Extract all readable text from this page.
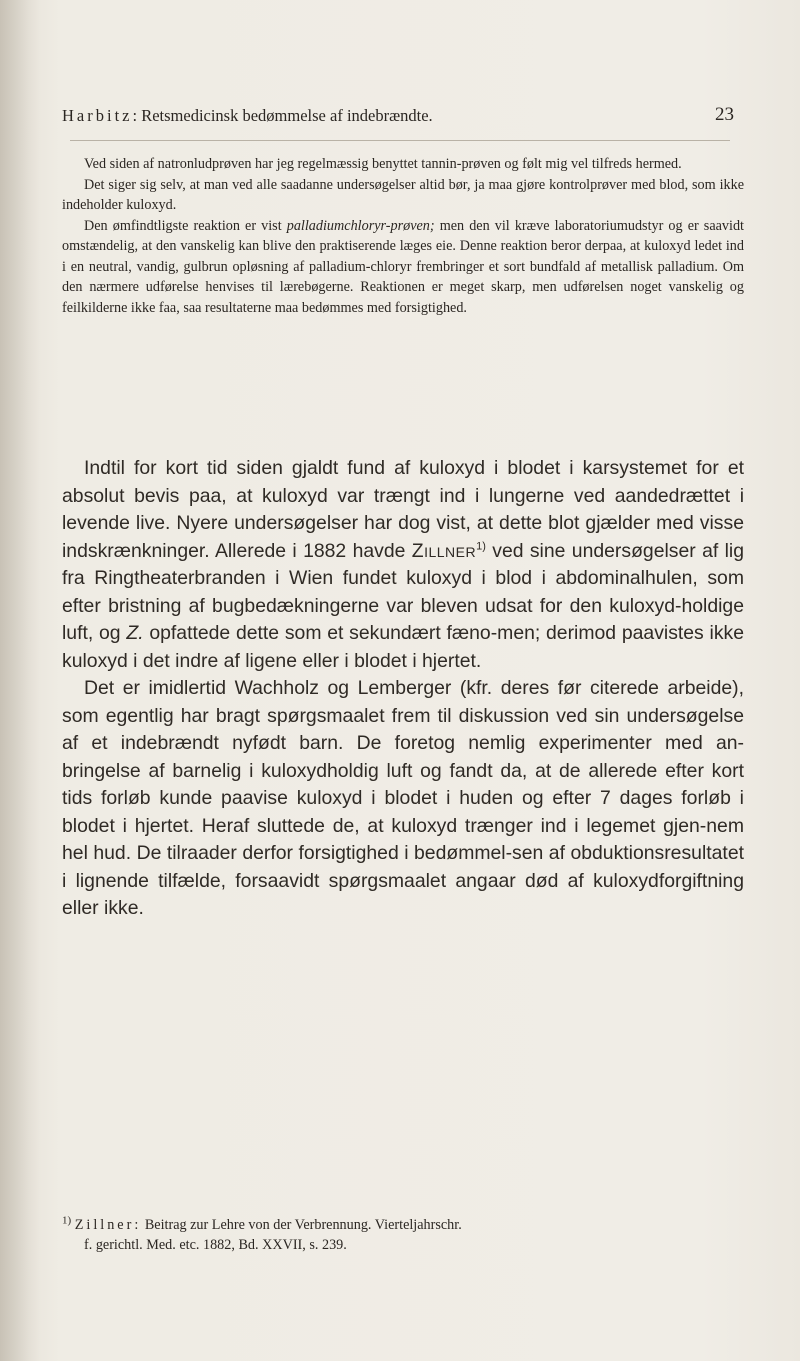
Harbitz: Retsmedicinsk bedømmelse af indebrændte.	23

Ved siden af natronludprøven har jeg regelmæssig benyttet tannin-prøven og følt mig vel tilfreds hermed.

Det siger sig selv, at man ved alle saadanne undersøgelser altid bør, ja maa gjøre kontrolprøver med blod, som ikke indeholder kuloxyd.

Den ømfindtligste reaktion er vist palladiumchloryr-prøven; men den vil kræve laboratoriumudstyr og er saavidt omstændelig, at den vanskelig kan blive den praktiserende læges eie. Denne reaktion beror derpaa, at kuloxyd ledet ind i en neutral, vandig, gulbrun opløsning af palladium-chloryr frembringer et sort bundfald af metallisk palladium. Om den nærmere udførelse henvises til lærebøgerne. Reaktionen er meget skarp, men udførelsen noget vanskelig og feilkilderne ikke faa, saa resultaterne maa bedømmes med forsigtighed.

Indtil for kort tid siden gjaldt fund af kuloxyd i blodet i karsystemet for et absolut bevis paa, at kuloxyd var trængt ind i lungerne ved aandedrættet i levende live. Nyere undersøgelser har dog vist, at dette blot gjælder med visse indskrænkninger. Allerede i 1882 havde Zillner$^{1)}$ ved sine undersøgelser af lig fra Ringtheaterbranden i Wien fundet kuloxyd i blod i abdominalhulen, som efter bristning af bugbedækningerne var bleven udsat for den kuloxyd-holdige luft, og Z. opfattede dette som et sekundært fæno-men; derimod paavistes ikke kuloxyd i det indre af ligene eller i blodet i hjertet.

Det er imidlertid Wachholz og Lemberger (kfr. deres før citerede arbeide), som egentlig har bragt spørgsmaalet frem til diskussion ved sin undersøgelse af et indebrændt nyfødt barn. De foretog nemlig experimenter med an-bringelse af barnelig i kuloxydholdig luft og fandt da, at de allerede efter kort tids forløb kunde paavise kuloxyd i blodet i huden og efter 7 dages forløb i blodet i hjertet. Heraf sluttede de, at kuloxyd trænger ind i legemet gjen-nem hel hud. De tilraader derfor forsigtighed i bedømmel-sen af obduktionsresultatet i lignende tilfælde, forsaavidt spørgsmaalet angaar død af kuloxydforgiftning eller ikke.

$^{1)}$ Zillner: Beitrag zur Lehre von der Verbrennung. Vierteljahrschr.

f. gerichtl. Med. etc. 1882, Bd. XXVII, s. 239.
